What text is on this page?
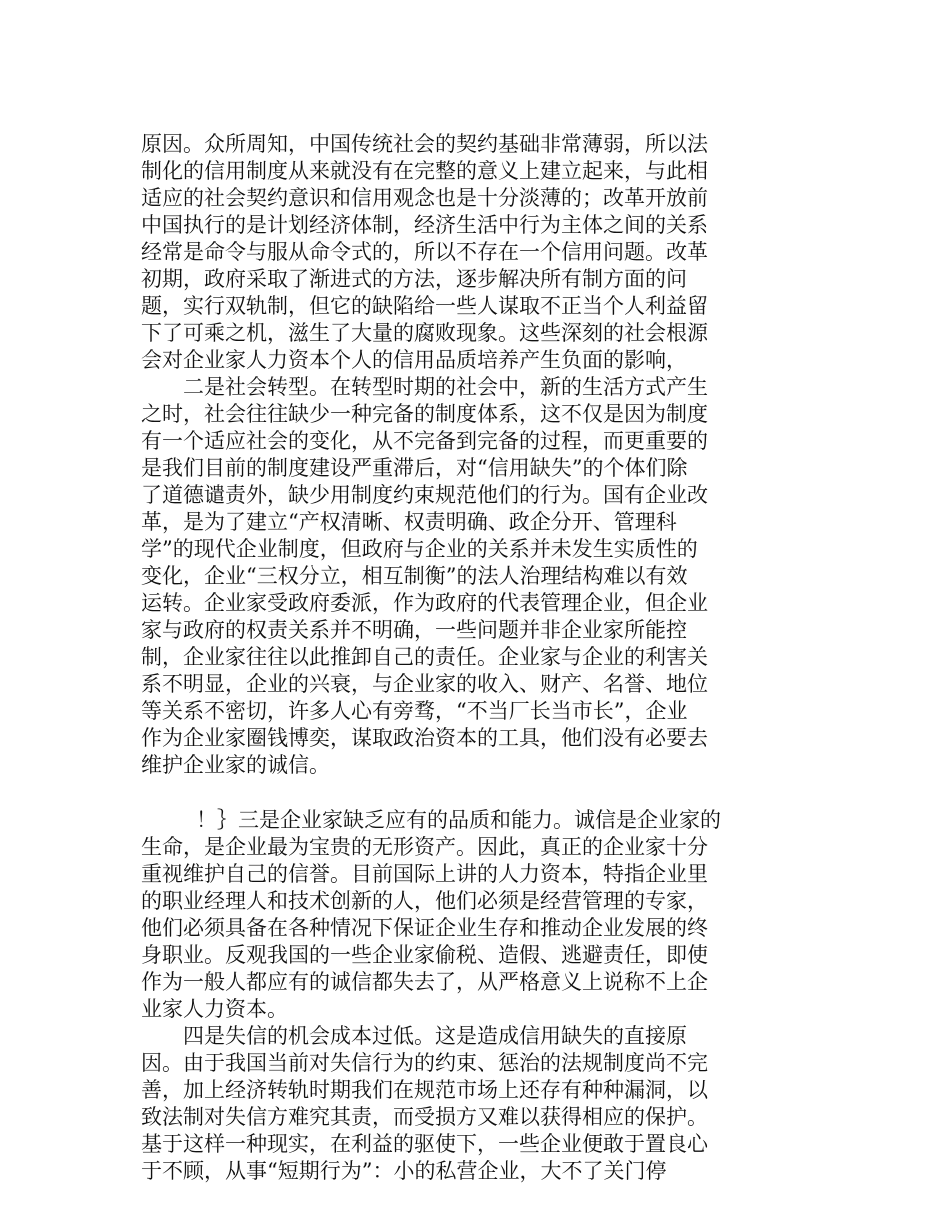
原因。众所周知，中国传统社会的契约基础非常薄弱，所以法
制化的信用制度从来就没有在完整的意义上建立起来，与此相
适应的社会契约意识和信用观念也是十分淡薄的；改革开放前
中国执行的是计划经济体制，经济生活中行为主体之间的关系
经常是命令与服从命令式的，所以不存在一个信用问题。改革
初期，政府采取了渐进式的方法，逐步解决所有制方面的问
题，实行双轨制，但它的缺陷给一些人谋取不正当个人利益留
下了可乘之机，滋生了大量的腐败现象。这些深刻的社会根源
会对企业家人力资本个人的信用品质培养产生负面的影响，
二是社会转型。在转型时期的社会中，新的生活方式产生
之时，社会往往缺少一种完备的制度体系，这不仅是因为制度
有一个适应社会的变化，从不完备到完备的过程，而更重要的
是我们目前的制度建设严重滞后，对“信用缺失”的个体们除
了道德谴责外，缺少用制度约束规范他们的行为。国有企业改
革，是为了建立“产权清晰、权责明确、政企分开、管理科
学”的现代企业制度，但政府与企业的关系并未发生实质性的
变化，企业“三权分立，相互制衡”的法人治理结构难以有效
运转。企业家受政府委派，作为政府的代表管理企业，但企业
家与政府的权责关系并不明确，一些问题并非企业家所能控
制，企业家往往以此推卸自己的责任。企业家与企业的利害关
系不明显，企业的兴衰，与企业家的收入、财产、名誉、地位
等关系不密切，许多人心有旁骛，“不当厂长当市长”，企业
作为企业家圈钱博奕，谋取政治资本的工具，他们没有必要去
维护企业家的诚信。
！｝三是企业家缺乏应有的品质和能力。诚信是企业家的
生命，是企业最为宝贵的无形资产。因此，真正的企业家十分
重视维护自己的信誉。目前国际上讲的人力资本，特指企业里
的职业经理人和技术创新的人，他们必须是经营管理的专家，
他们必须具备在各种情况下保证企业生存和推动企业发展的终
身职业。反观我国的一些企业家偷税、造假、逃避责任，即使
作为一般人都应有的诚信都失去了，从严格意义上说称不上企
业家人力资本。
四是失信的机会成本过低。这是造成信用缺失的直接原
因。由于我国当前对失信行为的约束、惩治的法规制度尚不完
善，加上经济转轨时期我们在规范市场上还存有种种漏洞，以
致法制对失信方难究其责，而受损方又难以获得相应的保护。
基于这样一种现实，在利益的驱使下，一些企业便敢于置良心
于不顾，从事“短期行为”：小的私营企业，大不了关门停
